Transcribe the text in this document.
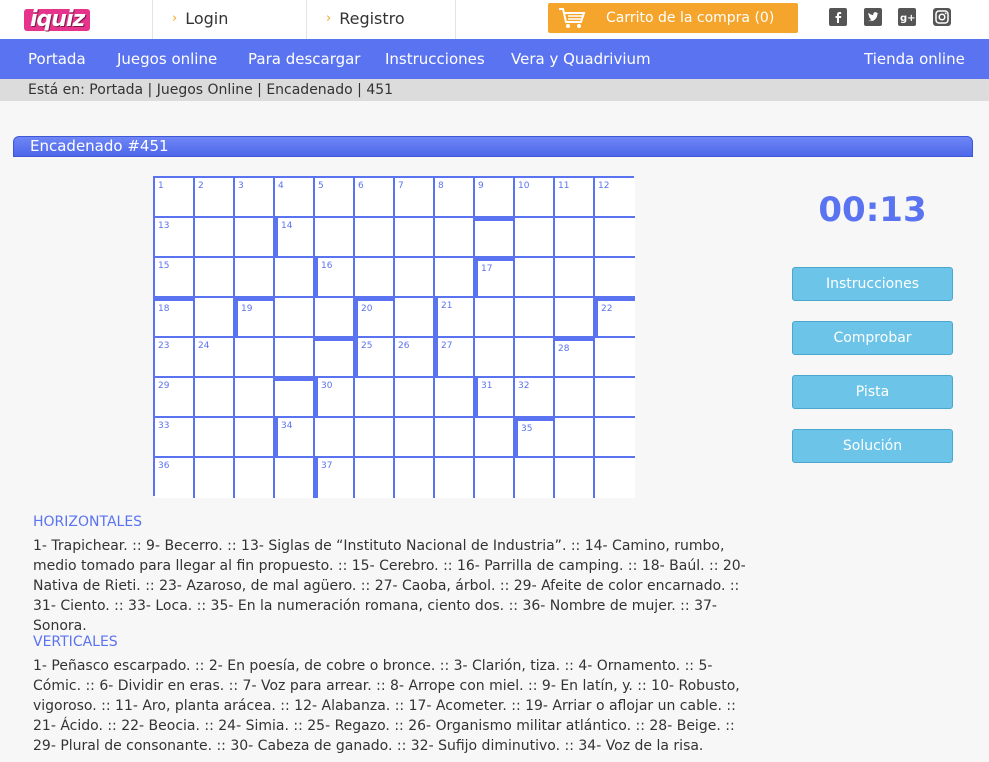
iquiz	› Login	› Registro	Carrito de la compra (0)	g+
Portada Juegos online Para descargar Instrucciones Vera y Quadrivium	Tienda online
Está en: Portada | Juegos Online | Encadenado | 451
Encadenado #451
1	2	3	4	5	6	7	8	9	10	11	12
13	14
15	16	17
18	19	20	21	22
23	24	25	26	27	28
29	30	31	32
33	34	35
36	37
00:13
Instrucciones
Comprobar
Pista
Solución
HORIZONTALES
1- Trapichear. :: 9- Becerro. :: 13- Siglas de “Instituto Nacional de Industria”. :: 14- Camino, rumbo, medio tomado para llegar al fin propuesto. :: 15- Cerebro. :: 16- Parrilla de camping. :: 18- Baúl. :: 20- Nativa de Rieti. :: 23- Azaroso, de mal agüero. :: 27- Caoba, árbol. :: 29- Afeite de color encarnado. :: 31- Ciento. :: 33- Loca. :: 35- En la numeración romana, ciento dos. :: 36- Nombre de mujer. :: 37- Sonora.
VERTICALES
1- Peñasco escarpado. :: 2- En poesía, de cobre o bronce. :: 3- Clarión, tiza. :: 4- Ornamento. :: 5- Cómic. :: 6- Dividir en eras. :: 7- Voz para arrear. :: 8- Arrope con miel. :: 9- En latín, y. :: 10- Robusto, vigoroso. :: 11- Aro, planta arácea. :: 12- Alabanza. :: 17- Acometer. :: 19- Arriar o aflojar un cable. :: 21- Ácido. :: 22- Beocia. :: 24- Simia. :: 25- Regazo. :: 26- Organismo militar atlántico. :: 28- Beige. :: 29- Plural de consonante. :: 30- Cabeza de ganado. :: 32- Sufijo diminutivo. :: 34- Voz de la risa.
